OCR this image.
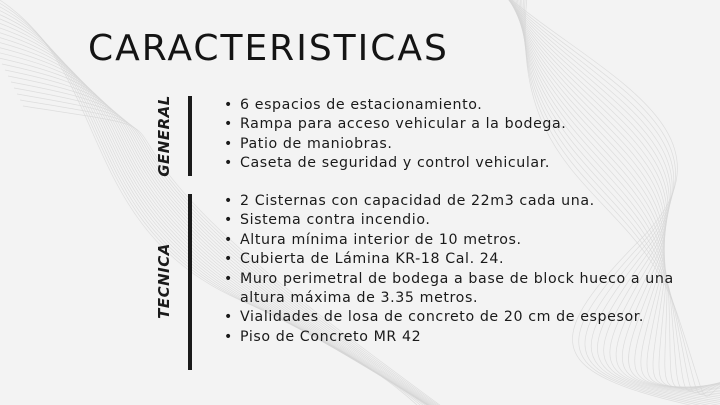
CARACTERISTICAS
GENERAL
•	6 espacios de estacionamiento.
• Rampa para acceso vehicular a la bodega.
• Patio de maniobras.
• Caseta de seguridad y control vehicular.
TECNICA
• 2 Cisternas con capacidad de 22m3 cada una.
• Sistema contra incendio.
• Altura mínima interior de 10 metros.
• Cubierta de Lámina KR-18 Cal. 24.
• Muro perimetral de bodega a base de block hueco a una altura máxima de 3.35 metros.
• Vialidades de losa de concreto de 20 cm de espesor.
• Piso de Concreto MR 42
